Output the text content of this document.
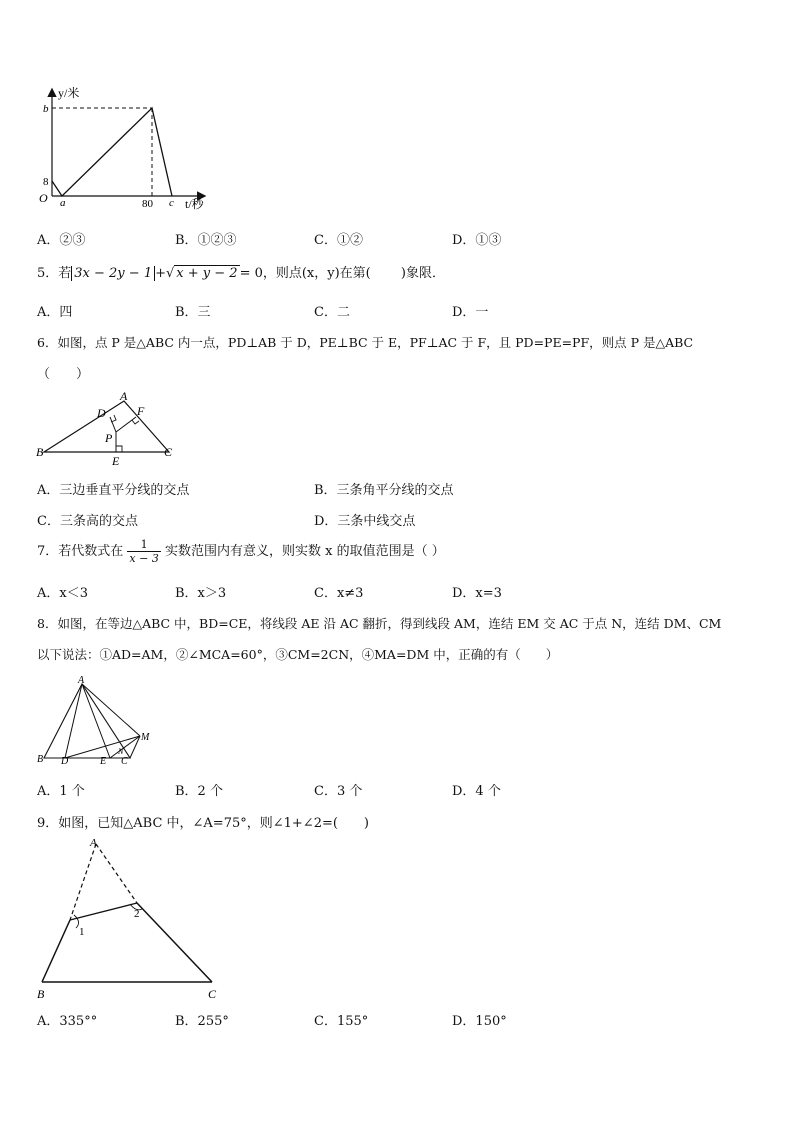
y/米
b
8
O a	80 c t/秒
A．②③	B．①②③	C．①②	D．①③
5．若 3x − 2y − 1 +√ x + y − 2 = 0，则点(x，y)在第(　　 )象限．
A．四	B．三	C．二	D．一
6．如图，点 P 是△ABC 内一点，PD⊥AB 于 D，PE⊥BC 于 E，PF⊥AC 于 F，且 PD=PE=PF，则点 P 是△ABC
（　　）
A
B	C
D
E
F
P
A．三边垂直平分线的交点	B．三条角平分线的交点
C．三条高的交点	D．三条中线交点
7．若代数式在 $\frac{1}{x - 3}$ 实数范围内有意义，则实数 x 的取值范围是（ ）
A．x＜3	B．x＞3	C．x≠3	D．x=3
8．如图，在等边△ABC 中，BD=CE，将线段 AE 沿 AC 翻折，得到线段 AM，连结 EM 交 AC 于点 N，连结 DM、CM
以下说法：①AD=AM，②∠MCA=60°，③CM=2CN，④MA=DM 中，正确的有（　　）
A
B D	E
N
C
M
A．1 个	B．2 个	C．3 个	D．4 个
9．如图，已知△ABC 中，∠A=75°，则∠1+∠2=(　　)
A
B	C
1
2
A．335°°	B．255°	C．155°	D．150°
